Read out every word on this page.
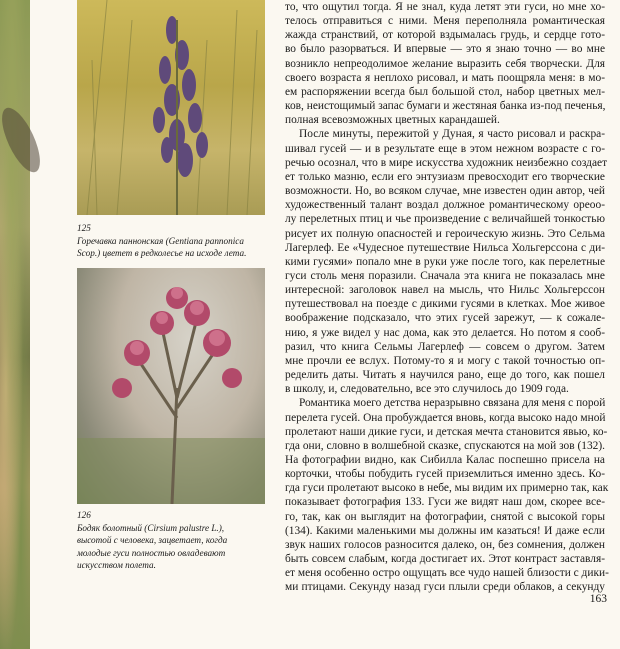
125
Горечавка паннонская (Gentiana pannonica
Scop.) цветет в редколесье на исходе лета.

126
Бодяк болотный (Cirsium palustre L.),
высотой с человека, зацветает, когда
молодые гуси полностью овладевают
искусством полета.

то, что ощутил тогда. Я не знал, куда летят эти гуси, но мне хо-
телось отправиться с ними. Меня переполняла романтическая
жажда странствий, от которой вздымалась грудь, и сердце гото-
во было разорваться. И впервые — это я знаю точно — во мне
возникло непреодолимое желание выразить себя творчески. Для
своего возраста я неплохо рисовал, и мать поощряла меня: в мо-
ем распоряжении всегда был большой стол, набор цветных мел-
ков, неистощимый запас бумаги и жестяная банка из-под печенья,
полная всевозможных цветных карандашей.
После минуты, пережитой у Дуная, я часто рисовал и раскра-
шивал гусей — и в результате еще в этом нежном возрасте с го-
речью осознал, что в мире искусства художник неизбежно создает
ет только мазню, если его энтузиазм превосходит его творческие
возможности. Но, во всяком случае, мне известен один автор, чей
художественный талант воздал должное романтическому ореоо-
лу перелетных птиц и чье произведение с величайшей тонкостью
рисует их полную опасностей и героическую жизнь. Это Сельма
Лагерлеф. Ее «Чудесное путешествие Нильса Хольгерссона с ди-
кими гусями» попало мне в руки уже после того, как перелетные
гуси столь меня поразили. Сначала эта книга не показалась мне
интересной: заголовок навел на мысль, что Нильс Хольгерссон
путешествовал на поезде с дикими гусями в клетках. Мое живое
воображение подсказало, что этих гусей зарежут, — к сожале-
нию, я уже видел у нас дома, как это делается. Но потом я сооб-
разил, что книга Сельмы Лагерлеф — совсем о другом. Затем
мне прочли ее вслух. Потому-то я и могу с такой точностью оп-
ределить даты. Читать я научился рано, еще до того, как пошел
в школу, и, следовательно, все это случилось до 1909 года.
Романтика моего детства неразрывно связана для меня с порой
перелета гусей. Она пробуждается вновь, когда высоко надо мной
пролетают наши дикие гуси, и детская мечта становится явью, ко-
гда они, словно в волшебной сказке, спускаются на мой зов (132).
На фотографии видно, как Сибилла Калас поспешно присела на
корточки, чтобы побудить гусей приземлиться именно здесь. Ко-
гда гуси пролетают высоко в небе, мы видим их примерно так, как
показывает фотография 133. Гуси же видят наш дом, скорее все-
го, так, как он выглядит на фотографии, снятой с высокой горы
(134). Какими маленькими мы должны им казаться! И даже если
звук наших голосов разносится далеко, он, без сомнения, должен
быть совсем слабым, когда достигает их. Этот контраст заставля-
ет меня особенно остро ощущать все чудо нашей близости с дики-
ми птицами. Секунду назад гуси плыли среди облаков, а секунду
163
